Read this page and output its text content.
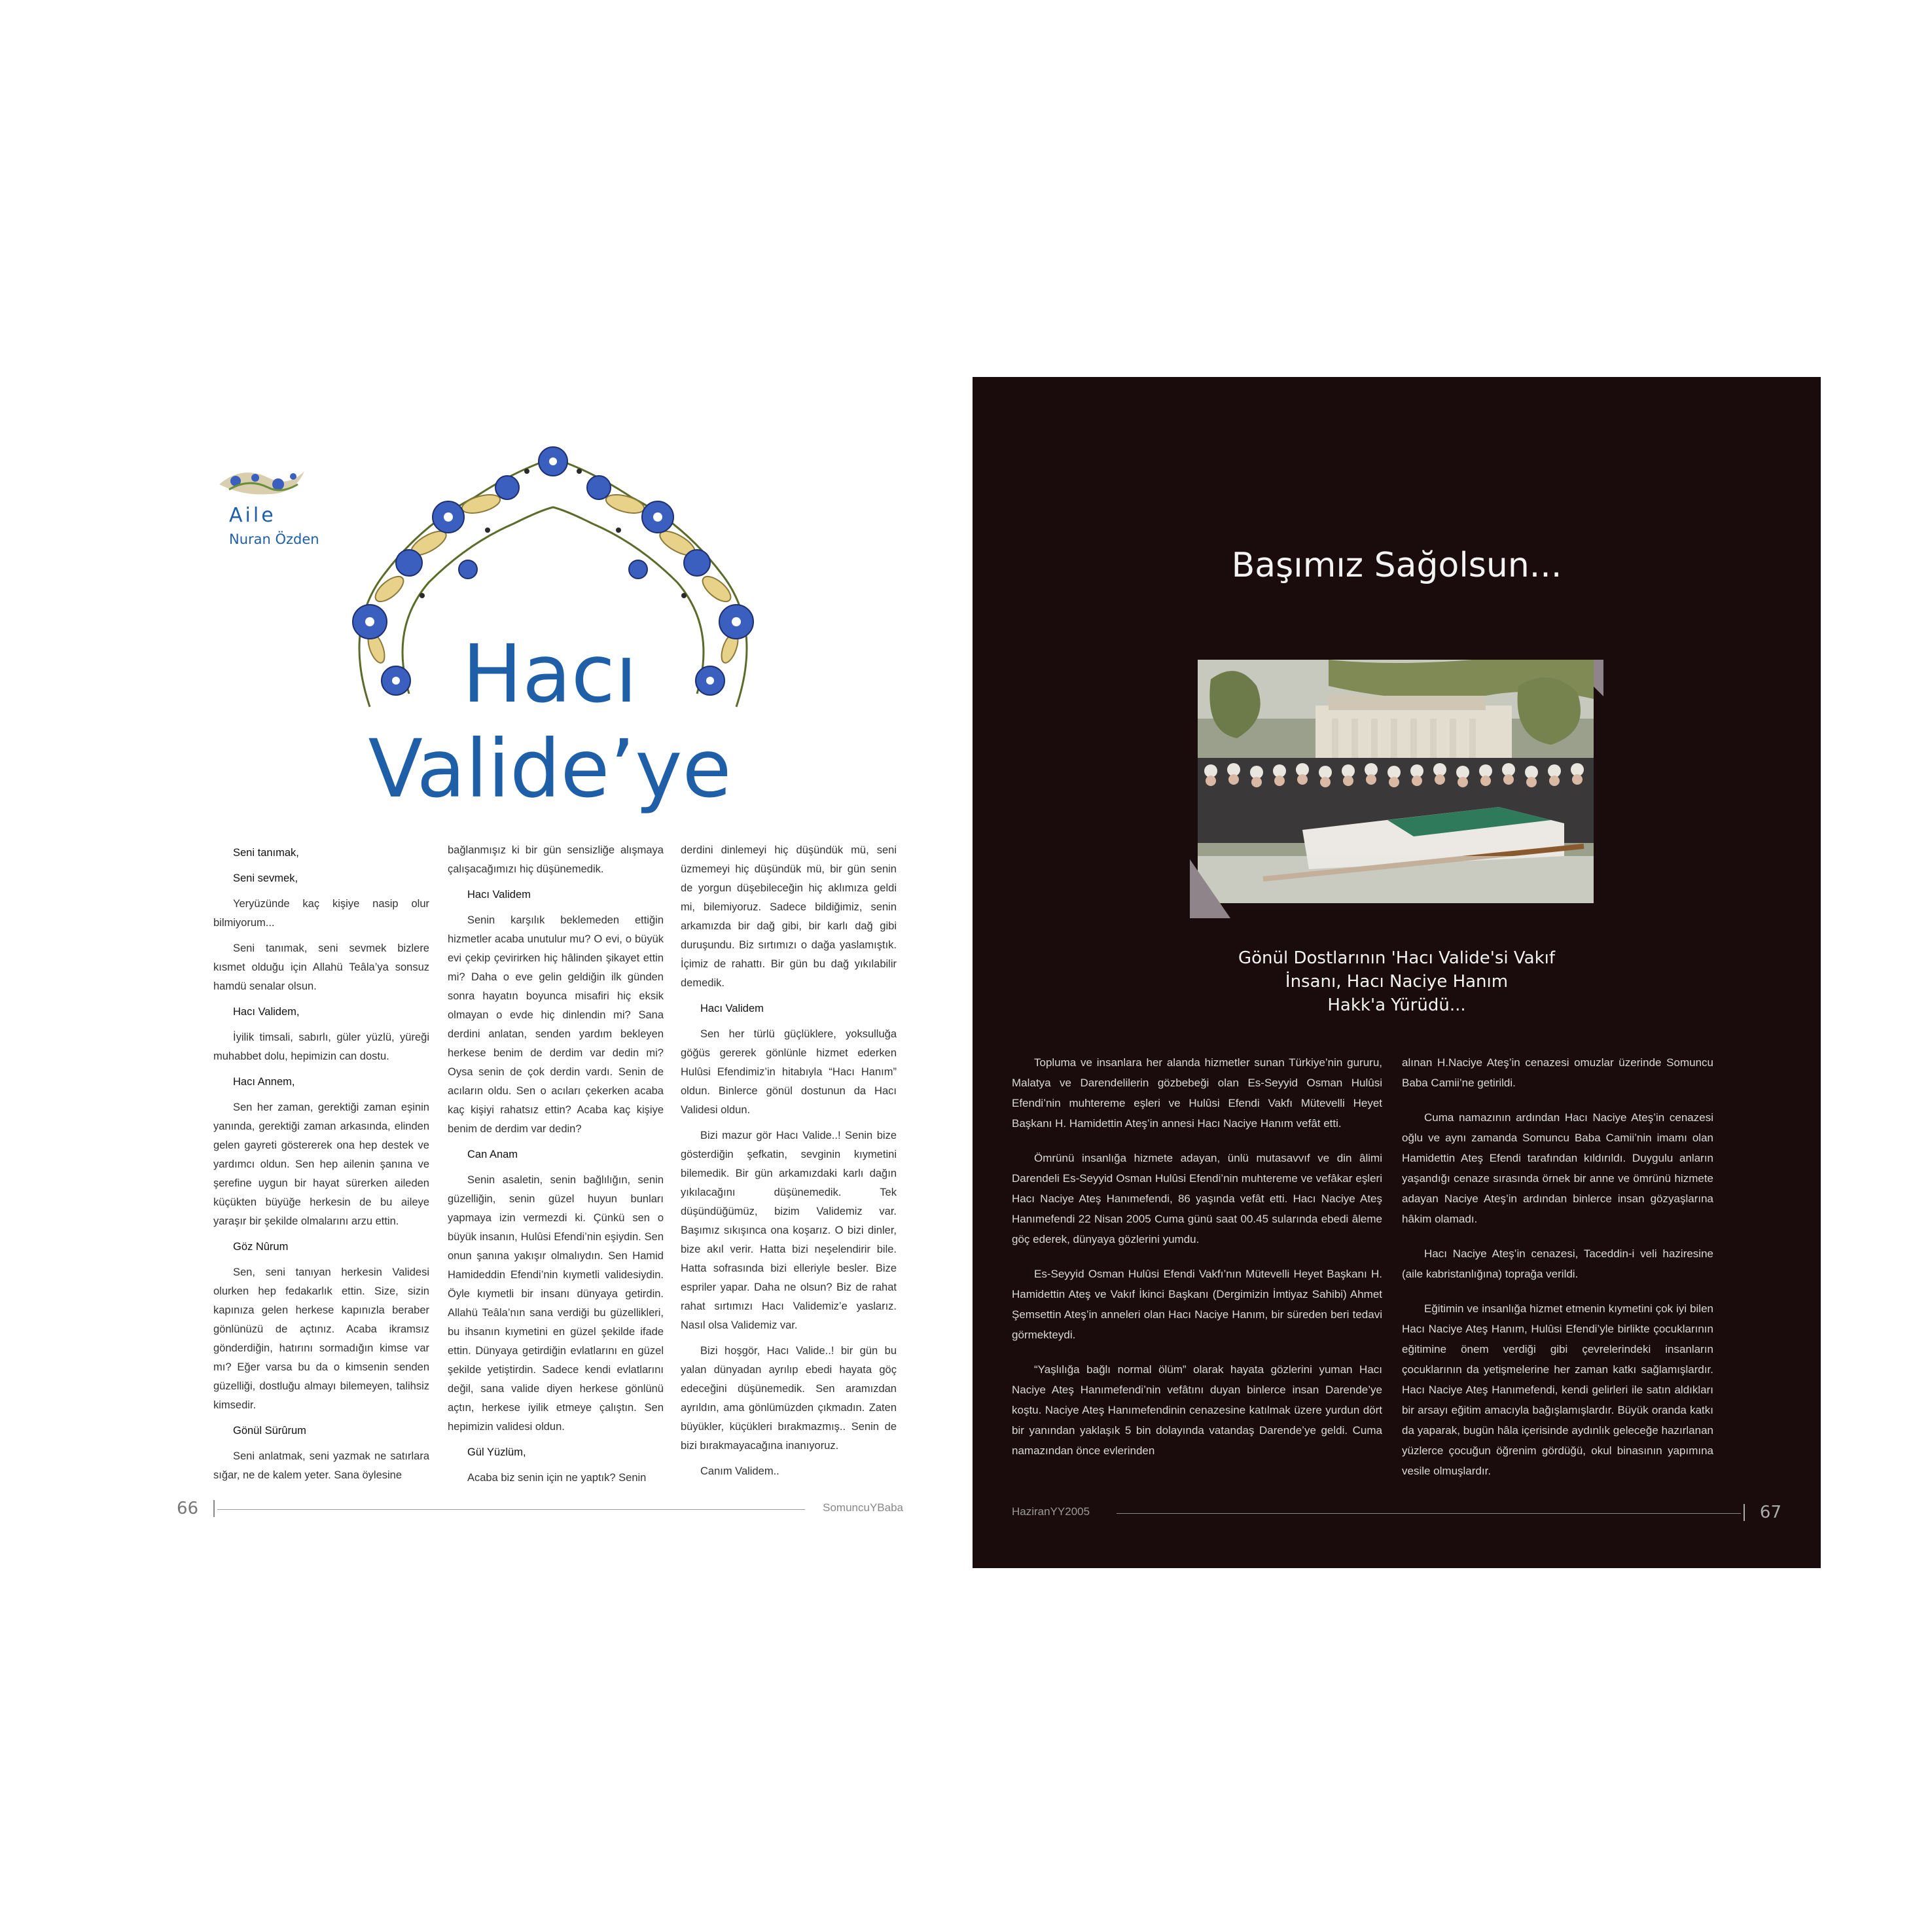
Aile
Nuran Özden
Hacı
Valide’ye

Seni tanımak,

Seni sevmek,

Yeryüzünde kaç kişiye nasip olur bilmiyorum...

Seni tanımak, seni sevmek bizlere kısmet olduğu için Allahü Teâla’ya sonsuz hamdü senalar olsun.

Hacı Validem,

İyilik timsali, sabırlı, güler yüzlü, yüreği muhabbet dolu, hepimizin can dostu.

Hacı Annem,

Sen her zaman, gerektiği zaman eşinin yanında, gerektiği zaman arkasında, elinden gelen gayreti göstererek ona hep destek ve yardımcı oldun. Sen hep ailenin şanına ve şerefine uygun bir hayat sürerken aileden küçükten büyüğe herkesin de bu aileye yaraşır bir şekilde olmalarını arzu ettin.

Göz Nûrum

Sen, seni tanıyan herkesin Validesi olurken hep fedakarlık ettin. Size, sizin kapınıza gelen herkese kapınızla beraber gönlünüzü de açtınız. Acaba ikramsız gönderdiğin, hatırını sormadığın kimse var mı? Eğer varsa bu da o kimsenin senden güzelliği, dostluğu almayı bilemeyen, talihsiz kimsedir.

Gönül Sürûrum

Seni anlatmak, seni yazmak ne satırlara sığar, ne de kalem yeter. Sana öylesine

bağlanmışız ki bir gün sensizliğe alışmaya çalışacağımızı hiç düşünemedik.

Hacı Validem

Senin karşılık beklemeden ettiğin hizmetler acaba unutulur mu? O evi, o büyük evi çekip çevirirken hiç hâlinden şikayet ettin mi? Daha o eve gelin geldiğin ilk günden sonra hayatın boyunca misafiri hiç eksik olmayan o evde hiç dinlendin mi? Sana derdini anlatan, senden yardım bekleyen herkese benim de derdim var dedin mi? Oysa senin de çok derdin vardı. Senin de acıların oldu. Sen o acıları çekerken acaba kaç kişiyi rahatsız ettin? Acaba kaç kişiye benim de derdim var dedin?

Can Anam

Senin asaletin, senin bağlılığın, senin güzelliğin, senin güzel huyun bunları yapmaya izin vermezdi ki. Çünkü sen o büyük insanın, Hulûsi Efendi’nin eşiydin. Sen onun şanına yakışır olmalıydın. Sen Hamid Hamideddin Efendi’nin kıymetli validesiydin. Öyle kıymetli bir insanı dünyaya getirdin. Allahü Teâla’nın sana verdiği bu güzellikleri, bu ihsanın kıymetini en güzel şekilde ifade ettin. Dünyaya getirdiğin evlatlarını en güzel şekilde yetiştirdin. Sadece kendi evlatlarını değil, sana valide diyen herkese gönlünü açtın, herkese iyilik etmeye çalıştın. Sen hepimizin validesi oldun.

Gül Yüzlüm,

Acaba biz senin için ne yaptık? Senin

derdini dinlemeyi hiç düşündük mü, seni üzmemeyi hiç düşündük mü, bir gün senin de yorgun düşebileceğin hiç aklımıza geldi mi, bilemiyoruz. Sadece bildiğimiz, senin arkamızda bir dağ gibi, bir karlı dağ gibi duruşundu. Biz sırtımızı o dağa yaslamıştık. İçimiz de rahattı. Bir gün bu dağ yıkılabilir demedik.

Hacı Validem

Sen her türlü güçlüklere, yoksulluğa göğüs gererek gönlünle hizmet ederken Hulûsi Efendimiz’in hitabıyla “Hacı Hanım” oldun. Binlerce gönül dostunun da Hacı Validesi oldun.

Bizi mazur gör Hacı Valide..! Senin bize gösterdiğin şefkatin, sevginin kıymetini bilemedik. Bir gün arkamızdaki karlı dağın yıkılacağını düşünemedik. Tek düşündüğümüz, bizim Validemiz var. Başımız sıkışınca ona koşarız. O bizi dinler, bize akıl verir. Hatta bizi neşelendirir bile. Hatta sofrasında bizi elleriyle besler. Bize espriler yapar. Daha ne olsun? Biz de rahat rahat sırtımızı Hacı Validemiz’e yaslarız. Nasıl olsa Validemiz var.

Bizi hoşgör, Hacı Valide..! bir gün bu yalan dünyadan ayrılıp ebedi hayata göç edeceğini düşünemedik. Sen aramızdan ayrıldın, ama gönlümüzden çıkmadın. Zaten büyükler, küçükleri bırakmazmış.. Senin de bizi bırakmayacağına inanıyoruz.

Canım Validem..

66	SomuncuYBaba
Başımız Sağolsun...
Gönül Dostlarının 'Hacı Valide'si Vakıf
İnsanı, Hacı Naciye Hanım
Hakk'a Yürüdü...

Topluma ve insanlara her alanda hizmetler sunan Türkiye’nin gururu, Malatya ve Darendelilerin gözbebeği olan Es-Seyyid Osman Hulûsi Efendi’nin muhtereme eşleri ve Hulûsi Efendi Vakfı Mütevelli Heyet Başkanı H. Hamidettin Ateş’in annesi Hacı Naciye Hanım vefât etti.

Ömrünü insanlığa hizmete adayan, ünlü mutasavvıf ve din âlimi Darendeli Es-Seyyid Osman Hulûsi Efendi’nin muhtereme ve vefâkar eşleri Hacı Naciye Ateş Hanımefendi, 86 yaşında vefât etti. Hacı Naciye Ateş Hanımefendi 22 Nisan 2005 Cuma günü saat 00.45 sularında ebedi âleme göç ederek, dünyaya gözlerini yumdu.

Es-Seyyid Osman Hulûsi Efendi Vakfı’nın Mütevelli Heyet Başkanı H. Hamidettin Ateş ve Vakıf İkinci Başkanı (Dergimizin İmtiyaz Sahibi) Ahmet Şemsettin Ateş’in anneleri olan Hacı Naciye Hanım, bir süreden beri tedavi görmekteydi.

“Yaşlılığa bağlı normal ölüm” olarak hayata gözlerini yuman Hacı Naciye Ateş Hanımefendi’nin vefâtını duyan binlerce insan Darende’ye koştu. Naciye Ateş Hanımefendinin cenazesine katılmak üzere yurdun dört bir yanından yaklaşık 5 bin dolayında vatandaş Darende’ye geldi. Cuma namazından önce evlerinden

alınan H.Naciye Ateş’in cenazesi omuzlar üzerinde Somuncu Baba Camii’ne getirildi.

Cuma namazının ardından Hacı Naciye Ateş’in cenazesi oğlu ve aynı zamanda Somuncu Baba Camii’nin imamı olan Hamidettin Ateş Efendi tarafından kıldırıldı. Duygulu anların yaşandığı cenaze sırasında örnek bir anne ve ömrünü hizmete adayan Naciye Ateş’in ardından binlerce insan gözyaşlarına hâkim olamadı.

Hacı Naciye Ateş’in cenazesi, Taceddin-i veli haziresine (aile kabristanlığına) toprağa verildi.

Eğitimin ve insanlığa hizmet etmenin kıymetini çok iyi bilen Hacı Naciye Ateş Hanım, Hulûsi Efendi’yle birlikte çocuklarının eğitimine önem verdiği gibi çevrelerindeki insanların çocuklarının da yetişmelerine her zaman katkı sağlamışlardır. Hacı Naciye Ateş Hanımefendi, kendi gelirleri ile satın aldıkları bir arsayı eğitim amacıyla bağışlamışlardır. Büyük oranda katkı da yaparak, bugün hâla içerisinde aydınlık geleceğe hazırlanan yüzlerce çocuğun öğrenim gördüğü, okul binasının yapımına vesile olmuşlardır.

HaziranYY2005	67
